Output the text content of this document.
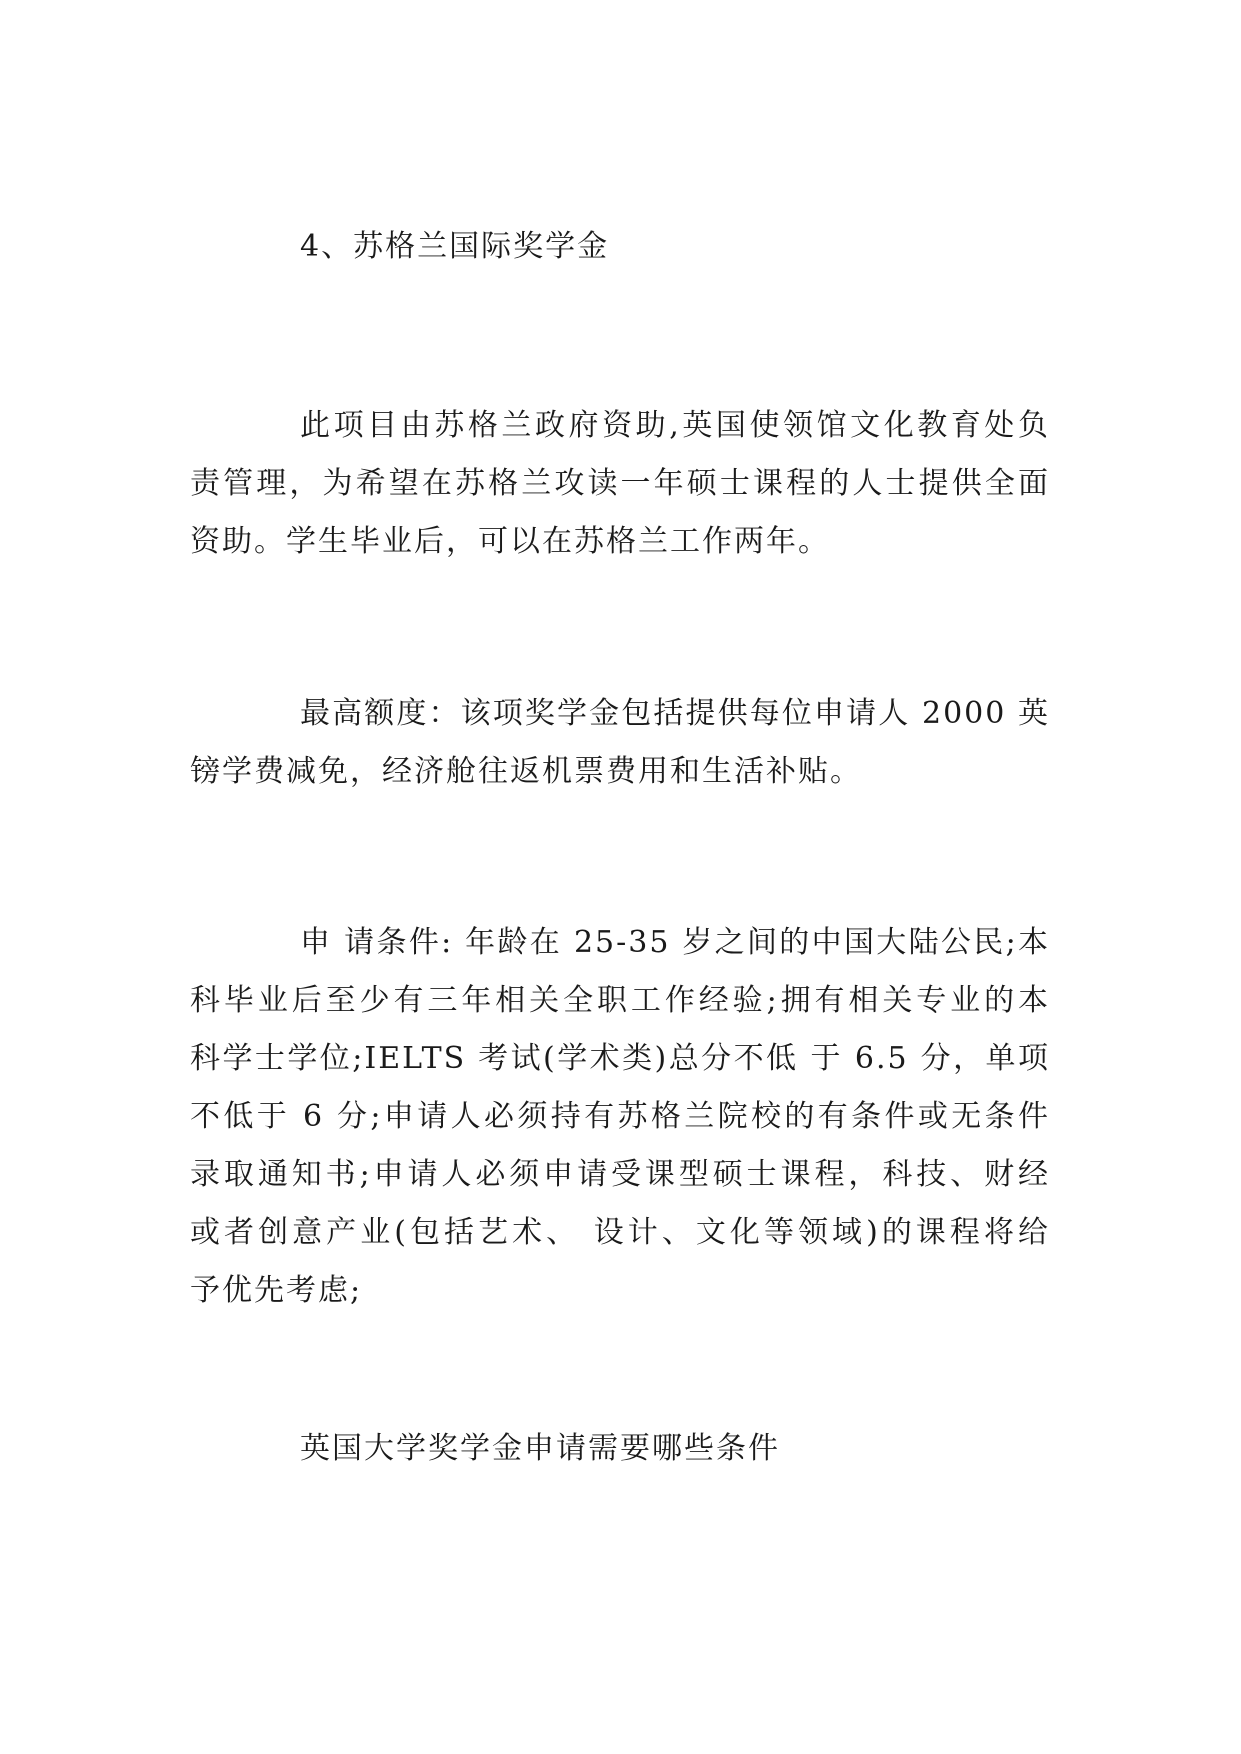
4、苏格兰国际奖学金

此项目由苏格兰政府资助,英国使领馆文化教育处负
责管理，为希望在苏格兰攻读一年硕士课程的人士提供全面
资助。学生毕业后，可以在苏格兰工作两年。

最高额度：该项奖学金包括提供每位申请人 2000 英
镑学费减免，经济舱往返机票费用和生活补贴。

申 请条件: 年龄在 25-35 岁之间的中国大陆公民;本
科毕业后至少有三年相关全职工作经验;拥有相关专业的本
科学士学位;IELTS 考试(学术类)总分不低 于 6.5 分，单项
不低于 6 分;申请人必须持有苏格兰院校的有条件或无条件
录取通知书;申请人必须申请受课型硕士课程，科技、财经
或者创意产业(包括艺术、 设计、文化等领域)的课程将给
予优先考虑;

英国大学奖学金申请需要哪些条件
